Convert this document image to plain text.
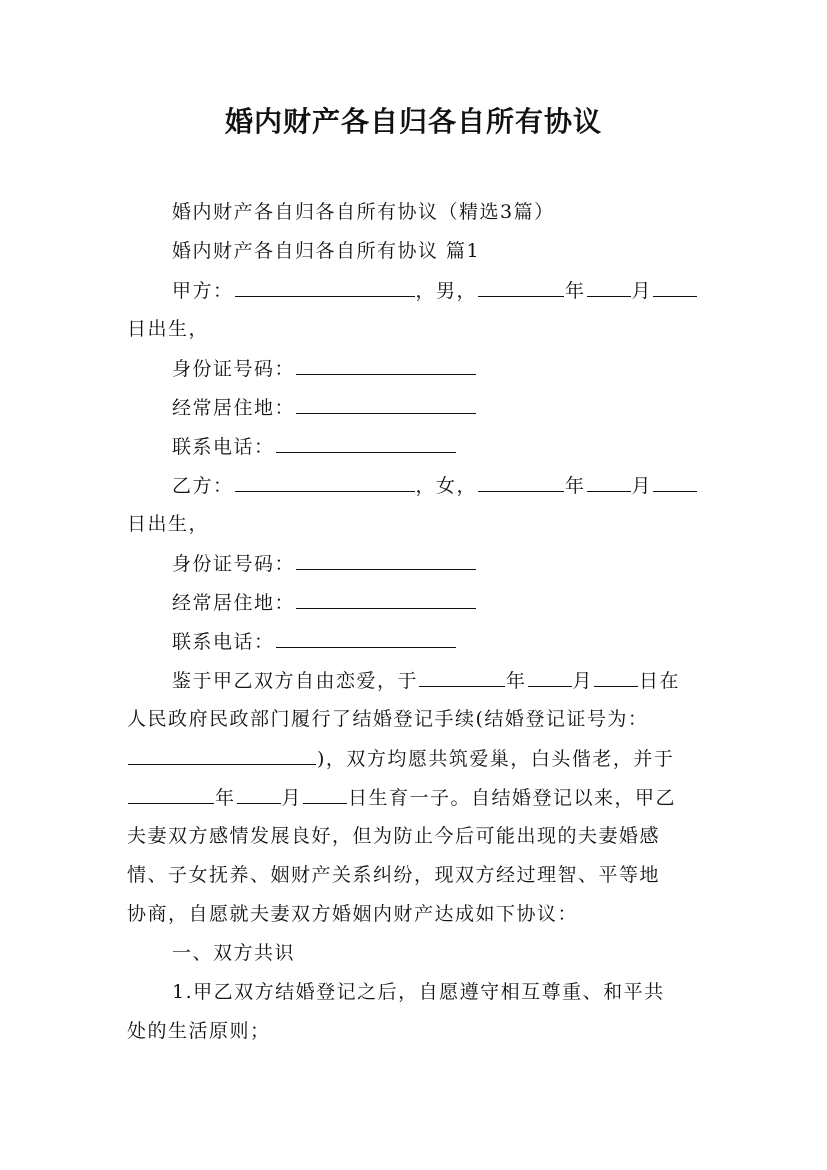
婚内财产各自归各自所有协议

婚内财产各自归各自所有协议（精选3篇）

婚内财产各自归各自所有协议 篇1

甲方：	，男，	年 月

日出生，

身份证号码：

经常居住地：

联系电话：

乙方：	，女，	年 月

日出生，

身份证号码：

经常居住地：

联系电话：

鉴于甲乙双方自由恋爱，于	年 月 日在

人民政府民政部门履行了结婚登记手续(结婚登记证号为：

)，双方均愿共筑爱巢，白头偕老，并于

年 月 日生育一子。自结婚登记以来，甲乙

夫妻双方感情发展良好，但为防止今后可能出现的夫妻婚感

情、子女抚养、姻财产关系纠纷，现双方经过理智、平等地

协商，自愿就夫妻双方婚姻内财产达成如下协议：

一、双方共识

1.甲乙双方结婚登记之后，自愿遵守相互尊重、和平共

处的生活原则；
